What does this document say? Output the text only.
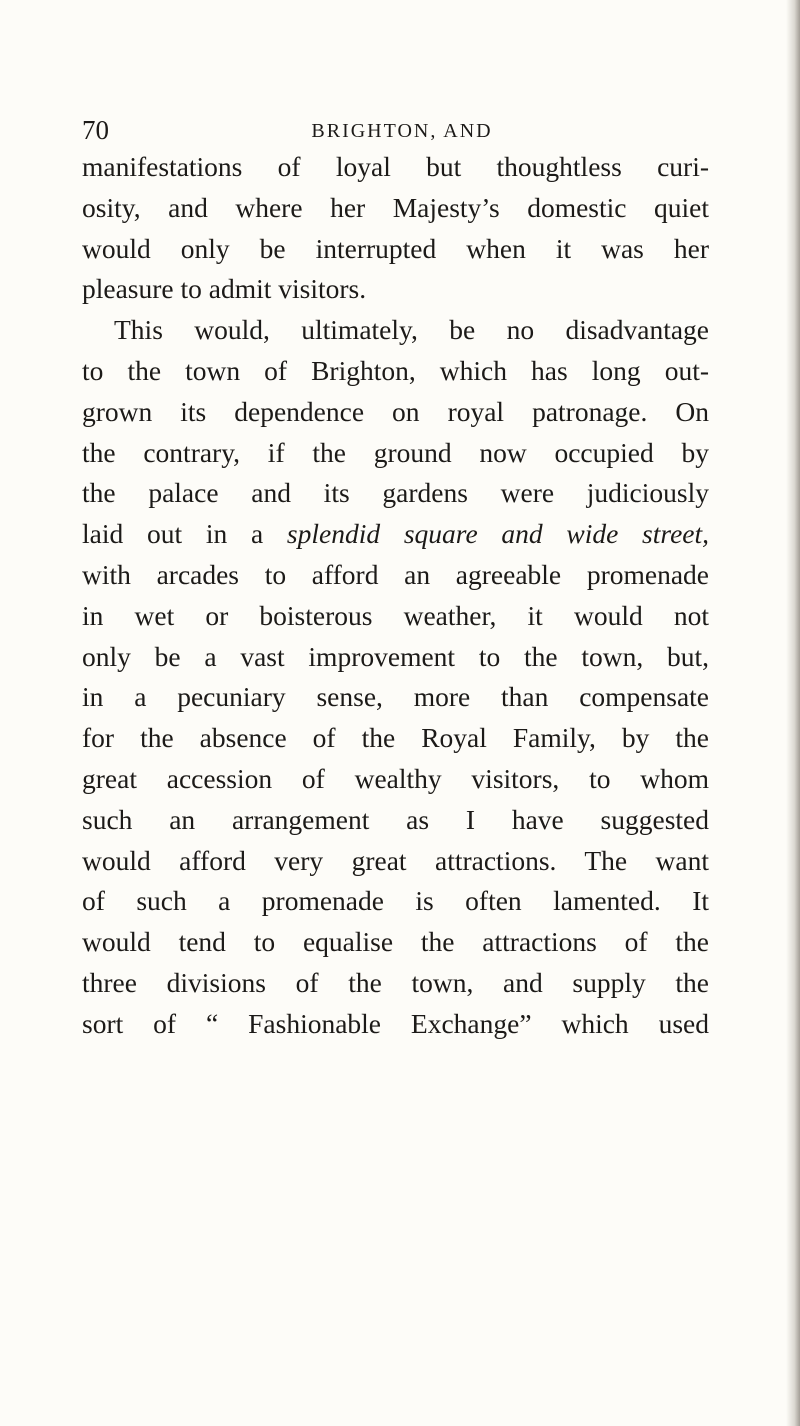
70	BRIGHTON, AND
manifestations of loyal but thoughtless curi-
osity, and where her Majesty’s domestic quiet
would only be interrupted when it was her
pleasure to admit visitors.
This would, ultimately, be no disadvantage
to the town of Brighton, which has long out-
grown its dependence on royal patronage. On
the contrary, if the ground now occupied by
the palace and its gardens were judiciously
laid out in a splendid square and wide street,
with arcades to afford an agreeable promenade
in wet or boisterous weather, it would not
only be a vast improvement to the town, but,
in a pecuniary sense, more than compensate
for the absence of the Royal Family, by the
great accession of wealthy visitors, to whom
such an arrangement as I have suggested
would afford very great attractions. The want
of such a promenade is often lamented. It
would tend to equalise the attractions of the
three divisions of the town, and supply the
sort of “ Fashionable Exchange” which used
